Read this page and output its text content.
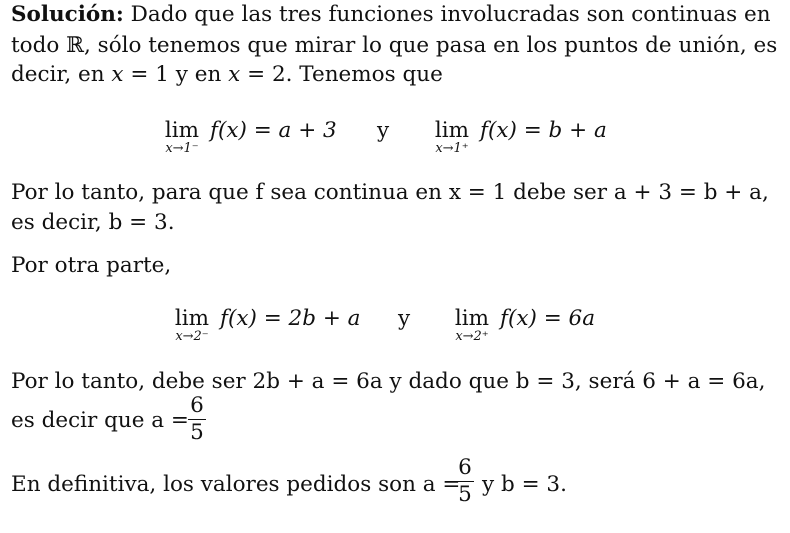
Solución: Dado que las tres funciones involucradas son continuas en
todo ℝ, sólo tenemos que mirar lo que pasa en los puntos de unión, es
decir, en x = 1 y en x = 2. Tenemos que
lim
x→1⁻
f(x) = a + 3 y	lim
x→1⁺
f(x) = b + a
Por lo tanto, para que f sea continua en x = 1 debe ser a + 3 = b + a,
es decir, b = 3.
Por otra parte,
lim
x→2⁻
f(x) = 2b + a y	lim
x→2⁺
f(x) = 6a
Por lo tanto, debe ser 2b + a = 6a y dado que b = 3, será 6 + a = 6a,
es decir que a =
6
5
En definitiva, los valores pedidos son a =
6
5 y b = 3.
